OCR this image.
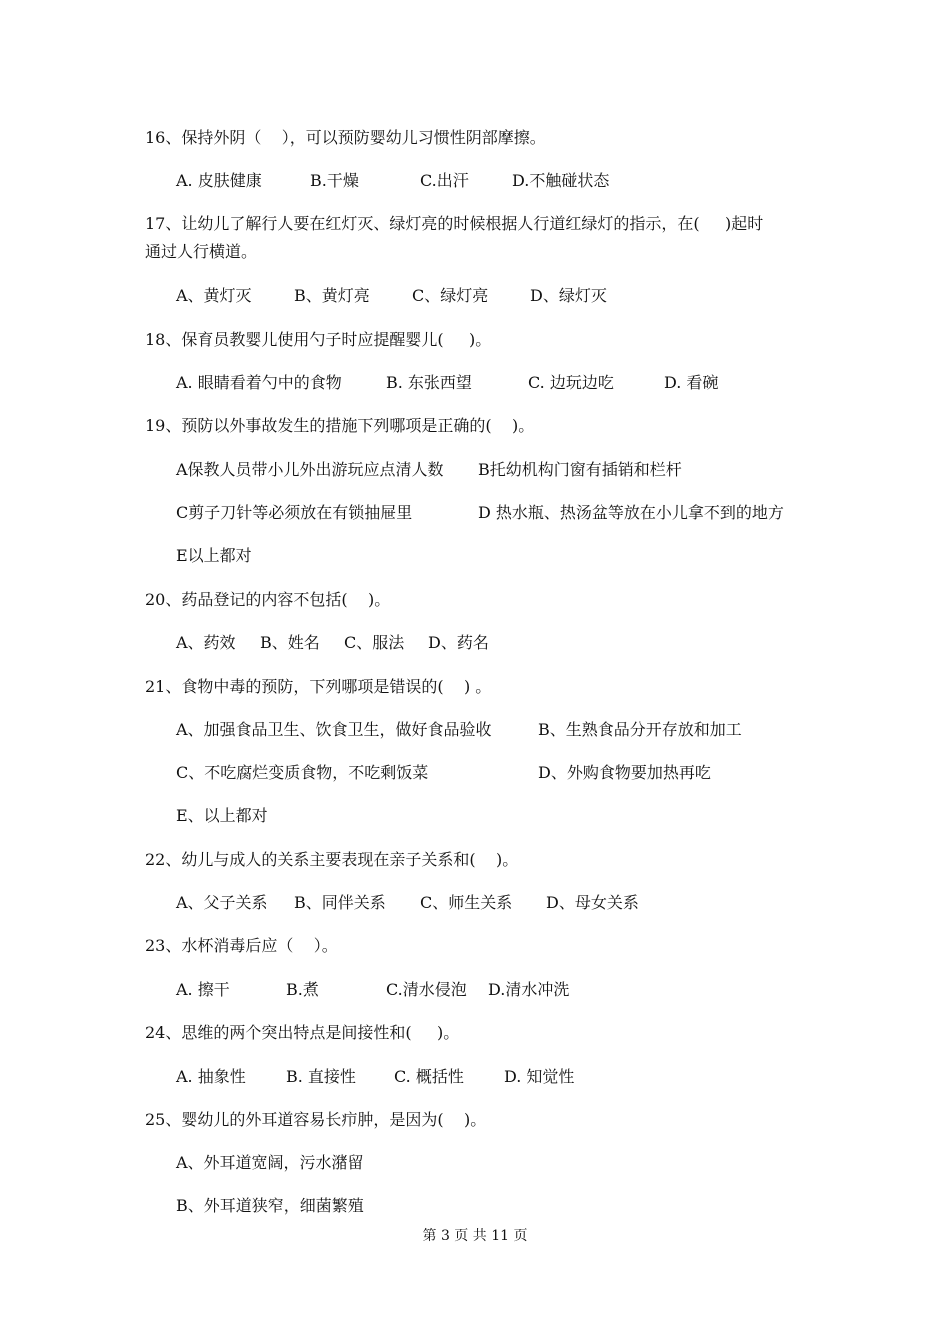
16、保持外阴（    ），可以预防婴幼儿习惯性阴部摩擦。
A. 皮肤健康	B.干燥	C.出汗	D.不触碰状态
17、让幼儿了解行人要在红灯灭、绿灯亮的时候根据人行道红绿灯的指示，在(     )起时
通过人行横道。
A、黄灯灭	B、黄灯亮	C、绿灯亮	D、绿灯灭
18、保育员教婴儿使用勺子时应提醒婴儿(     )。
A. 眼睛看着勺中的食物	B. 东张西望	C. 边玩边吃	D. 看碗
19、预防以外事故发生的措施下列哪项是正确的(    )。
A保教人员带小儿外出游玩应点清人数 B托幼机构门窗有插销和栏杆
C剪子刀针等必须放在有锁抽屉里	D 热水瓶、热汤盆等放在小儿拿不到的地方
E以上都对
20、药品登记的内容不包括(    )。
A、药效 B、姓名 C、服法 D、药名
21、食物中毒的预防，下列哪项是错误的(    ) 。
A、加强食品卫生、饮食卫生，做好食品验收	B、生熟食品分开存放和加工
C、不吃腐烂变质食物，不吃剩饭菜	D、外购食物要加热再吃
E、以上都对
22、幼儿与成人的关系主要表现在亲子关系和(    )。
A、父子关系 B、同伴关系 C、师生关系 D、母女关系
23、水杯消毒后应（    ）。
A. 擦干	B.煮	C.清水侵泡 D.清水冲洗
24、思维的两个突出特点是间接性和(     )。
A. 抽象性	B. 直接性 C. 概括性	D. 知觉性
25、婴幼儿的外耳道容易长疖肿，是因为(    )。
A、外耳道宽阔，污水潴留
B、外耳道狭窄，细菌繁殖
第 3 页 共 11 页
